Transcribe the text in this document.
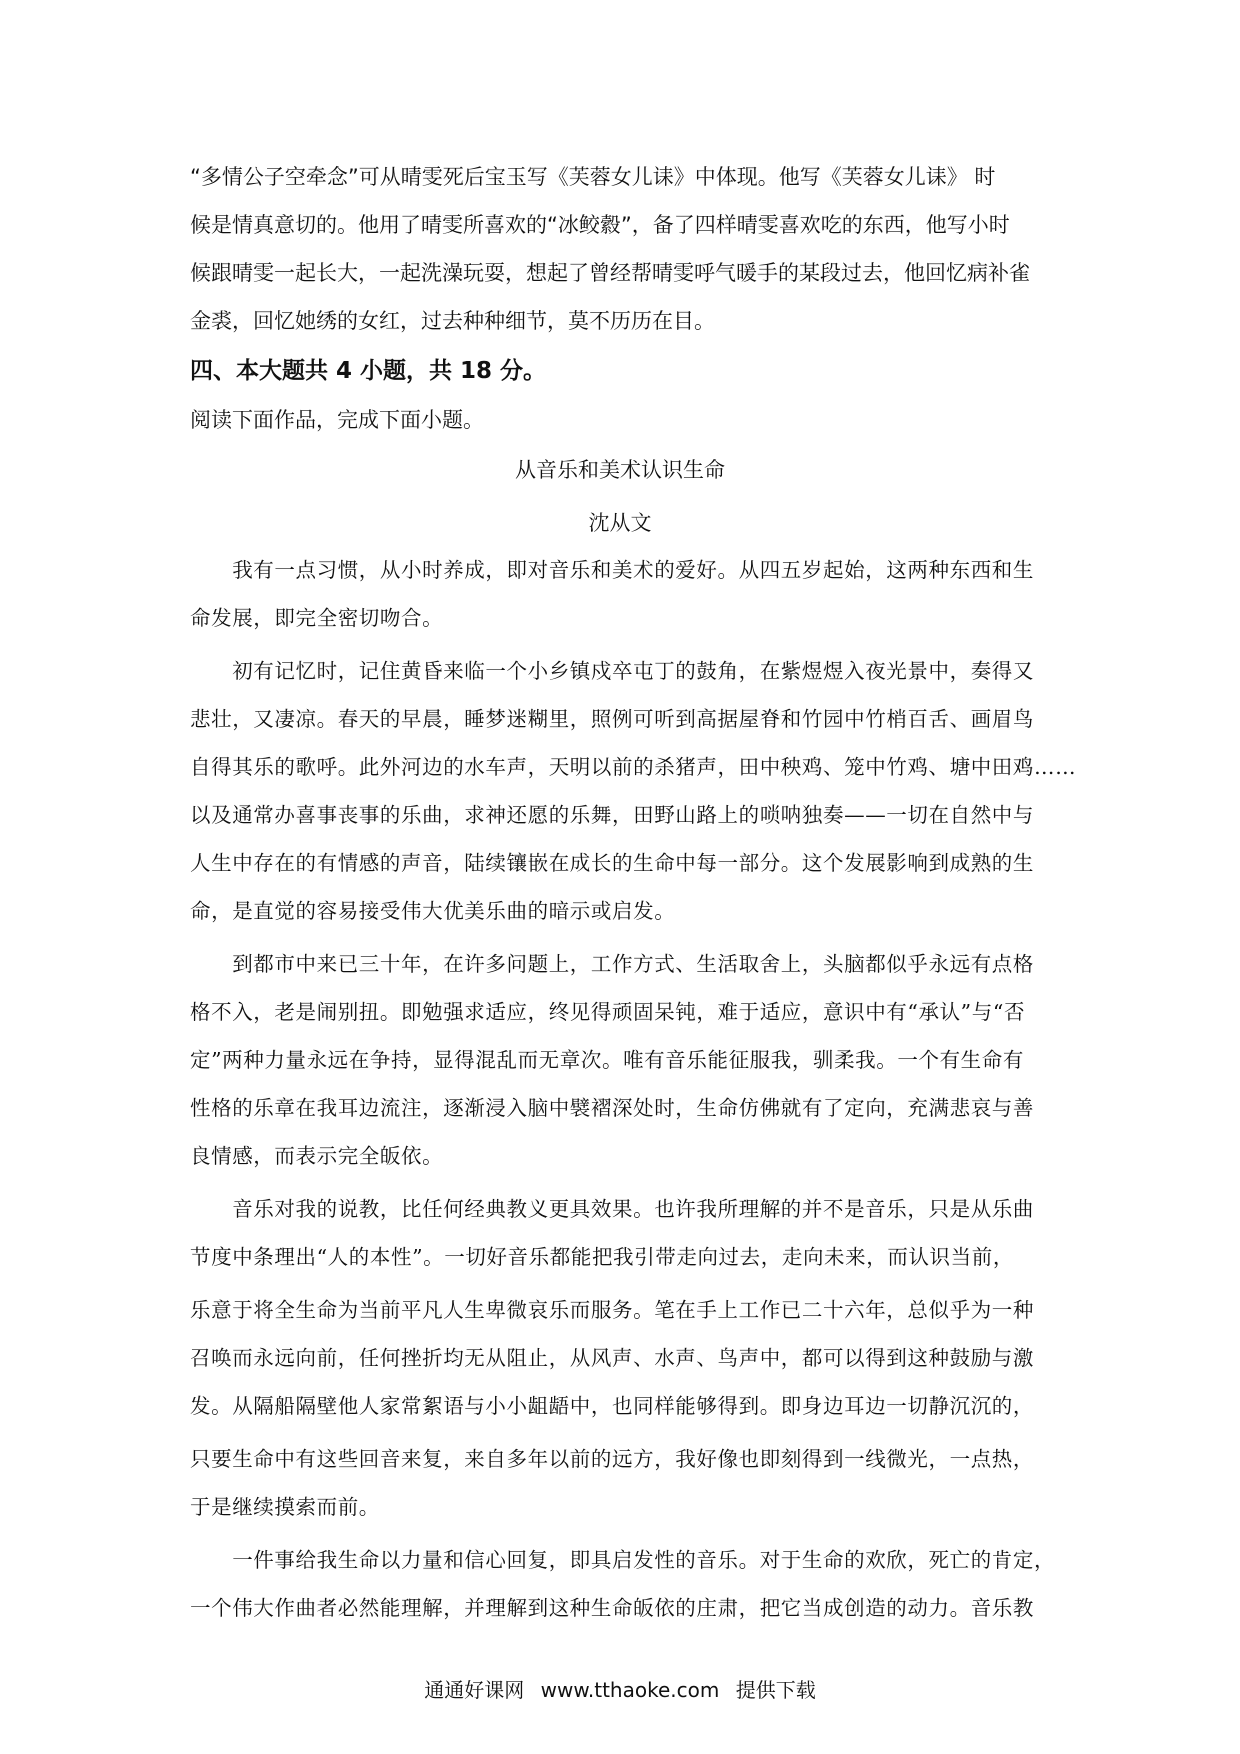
“多情公子空牵念”可从晴雯死后宝玉写《芙蓉女儿诔》中体现。他写《芙蓉女儿诔》 时
候是情真意切的。他用了晴雯所喜欢的“冰鲛縠”，备了四样晴雯喜欢吃的东西，他写小时
候跟晴雯一起长大，一起洗澡玩耍，想起了曾经帮晴雯呼气暖手的某段过去，他回忆病补雀
金裘，回忆她绣的女红，过去种种细节，莫不历历在目。
四、本大题共 4 小题，共 18 分。
阅读下面作品，完成下面小题。
从音乐和美术认识生命
沈从文
　　我有一点习惯，从小时养成，即对音乐和美术的爱好。从四五岁起始，这两种东西和生
命发展，即完全密切吻合。
　　初有记忆时，记住黄昏来临一个小乡镇戍卒屯丁的鼓角，在紫煜煜入夜光景中，奏得又
悲壮，又凄凉。春天的早晨，睡梦迷糊里，照例可听到高据屋脊和竹园中竹梢百舌、画眉鸟
自得其乐的歌呼。此外河边的水车声，天明以前的杀猪声，田中秧鸡、笼中竹鸡、塘中田鸡……
以及通常办喜事丧事的乐曲，求神还愿的乐舞，田野山路上的唢呐独奏——一切在自然中与
人生中存在的有情感的声音，陆续镶嵌在成长的生命中每一部分。这个发展影响到成熟的生
命，是直觉的容易接受伟大优美乐曲的暗示或启发。
　　到都市中来已三十年，在许多问题上，工作方式、生活取舍上，头脑都似乎永远有点格
格不入，老是闹别扭。即勉强求适应，终见得顽固呆钝，难于适应，意识中有“承认”与“否
定”两种力量永远在争持，显得混乱而无章次。唯有音乐能征服我，驯柔我。一个有生命有
性格的乐章在我耳边流注，逐渐浸入脑中襞褶深处时，生命仿佛就有了定向，充满悲哀与善
良情感，而表示完全皈依。
　　音乐对我的说教，比任何经典教义更具效果。也许我所理解的并不是音乐，只是从乐曲
节度中条理出“人的本性”。一切好音乐都能把我引带走向过去，走向未来，而认识当前，
乐意于将全生命为当前平凡人生卑微哀乐而服务。笔在手上工作已二十六年，总似乎为一种
召唤而永远向前，任何挫折均无从阻止，从风声、水声、鸟声中，都可以得到这种鼓励与激
发。从隔船隔壁他人家常絮语与小小龃龉中，也同样能够得到。即身边耳边一切静沉沉的，
只要生命中有这些回音来复，来自多年以前的远方，我好像也即刻得到一线微光，一点热，
于是继续摸索而前。
　　一件事给我生命以力量和信心回复，即具启发性的音乐。对于生命的欢欣，死亡的肯定，
一个伟大作曲者必然能理解，并理解到这种生命皈依的庄肃，把它当成创造的动力。音乐教
通通好课网 www.tthaoke.com 提供下载
